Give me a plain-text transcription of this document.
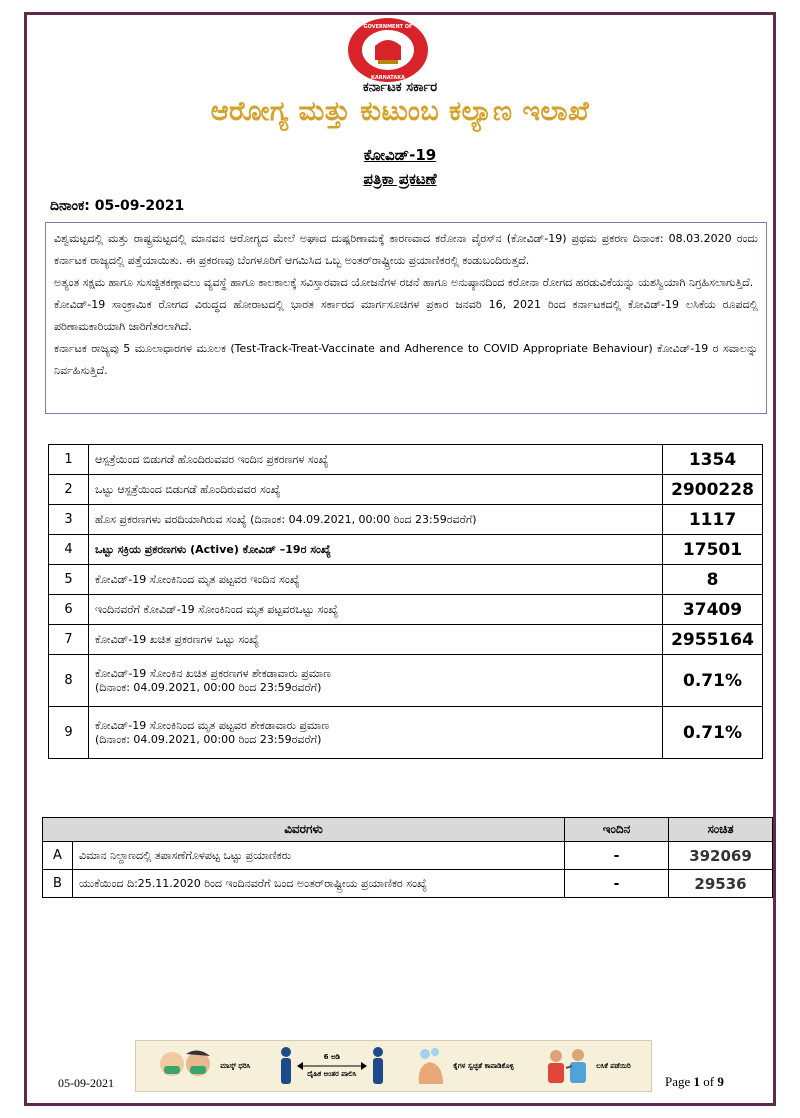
GOVERNMENT OF
KARNATAKA
ಕರ್ನಾಟಕ ಸರ್ಕಾರ
ಆರೋಗ್ಯ ಮತ್ತು ಕುಟುಂಬ ಕಲ್ಯಾಣ ಇಲಾಖೆ
ಕೋವಿಡ್-19
ಪತ್ರಿಕಾ ಪ್ರಕಟಣೆ
ದಿನಾಂಕ: 05-09-2021

ವಿಶ್ವಮಟ್ಟದಲ್ಲಿ ಮತ್ತು ರಾಷ್ಟ್ರಮಟ್ಟದಲ್ಲಿ ಮಾನವನ ಆರೋಗ್ಯದ ಮೇಲೆ ಅಘಾದ ದುಷ್ಪರಿಣಾಮಕ್ಕೆ ಕಾರಣವಾದ ಕರೋನಾ ವೈರಸ್‌ನ (ಕೋವಿಡ್-19) ಪ್ರಥಮ ಪ್ರಕರಣ ದಿನಾಂಕ: 08.03.2020 ರಂದು ಕರ್ನಾಟಕ ರಾಜ್ಯದಲ್ಲಿ ಪತ್ತೆಯಾಯಿತು. ಈ ಪ್ರಕರಣವು ಬೆಂಗಳೂರಿಗೆ ಆಗಮಿಸಿದ ಒಬ್ಬ ಅಂತರ್‌ರಾಷ್ಟ್ರೀಯ ಪ್ರಯಾಣಿಕರಲ್ಲಿ ಕಂಡುಬಂದಿರುತ್ತದೆ.

ಅತ್ಯಂತ ಸಕ್ಷಮ ಹಾಗೂ ಸುಸಜ್ಜಿತಕಣ್ಗಾವಲು ವ್ಯವಸ್ಥೆ ಹಾಗೂ ಕಾಲಕಾಲಕ್ಕೆ ಸವಿಸ್ತಾರವಾದ ಯೋಜನೆಗಳ ರಚನೆ ಹಾಗೂ ಅನುಷ್ಠಾನದಿಂದ ಕರೋನಾ ರೋಗದ ಹರಡುವಿಕೆಯನ್ನು ಯಶಸ್ವಿಯಾಗಿ ನಿಗ್ರಹಿಸಲಾಗುತ್ತಿದೆ.

ಕೋವಿಡ್-19 ಸಾಂಕ್ರಾಮಿಕ ರೋಗದ ವಿರುದ್ಧದ ಹೋರಾಟದಲ್ಲಿ ಭಾರತ ಸರ್ಕಾರದ ಮಾರ್ಗಸೂಚಿಗಳ ಪ್ರಕಾರ ಜನವರಿ 16, 2021 ರಿಂದ ಕರ್ನಾಟಕದಲ್ಲಿ ಕೋವಿಡ್-19 ಲಸಿಕೆಯ ರೂಪದಲ್ಲಿ ಪರಿಣಾಮಕಾರಿಯಾಗಿ ಜಾರಿಗೆತರಲಾಗಿದೆ.

ಕರ್ನಾಟಕ ರಾಜ್ಯವು 5 ಮೂಲಾಧಾರಗಳ ಮೂಲಕ (Test-Track-Treat-Vaccinate and Adherence to COVID Appropriate Behaviour) ಕೋವಿಡ್-19 ರ ಸವಾಲನ್ನು ನಿರ್ವಹಿಸುತ್ತಿದೆ.

1	ಆಸ್ಪತ್ರೆಯಿಂದ ಬಿಡುಗಡೆ ಹೊಂದಿರುವವರ ಇಂದಿನ ಪ್ರಕರಣಗಳ ಸಂಖ್ಯೆ	1354
2	ಒಟ್ಟು ಆಸ್ಪತ್ರೆಯಿಂದ ಬಿಡುಗಡೆ ಹೊಂದಿರುವವರ ಸಂಖ್ಯೆ	2900228
3	ಹೊಸ ಪ್ರಕರಣಗಳು ವರದಿಯಾಗಿರುವ ಸಂಖ್ಯೆ (ದಿನಾಂಕ: 04.09.2021, 00:00 ರಿಂದ 23:59ರವರೆಗೆ)	1117
4	ಒಟ್ಟು ಸಕ್ರಿಯ ಪ್ರಕರಣಗಳು (Active) ಕೋವಿಡ್ –19ರ ಸಂಖ್ಯೆ	17501
5	ಕೋವಿಡ್-19 ಸೋಂಕಿನಿಂದ ಮೃತ ಪಟ್ಟವರ ಇಂದಿನ ಸಂಖ್ಯೆ	8
6	ಇಂದಿನವರೆಗೆ ಕೋವಿಡ್-19 ಸೋಂಕಿನಿಂದ ಮೃತ ಪಟ್ಟವರಒಟ್ಟು ಸಂಖ್ಯೆ	37409
7	ಕೋವಿಡ್-19 ಖಚಿತ ಪ್ರಕರಣಗಳ ಒಟ್ಟು ಸಂಖ್ಯೆ	2955164
8	ಕೋವಿಡ್-19 ಸೋಂಕಿನ ಖಚಿತ ಪ್ರಕರಣಗಳ ಶೇಕಡಾವಾರು ಪ್ರಮಾಣ
(ದಿನಾಂಕ: 04.09.2021, 00:00 ರಿಂದ 23:59ರವರೆಗೆ)	0.71%
9	ಕೋವಿಡ್-19 ಸೋಂಕಿನಿಂದ ಮೃತ ಪಟ್ಟವರ ಶೇಕಡಾವಾರು ಪ್ರಮಾಣ
(ದಿನಾಂಕ: 04.09.2021, 00:00 ರಿಂದ 23:59ರವರೆಗೆ)	0.71%
ವಿವರಗಳು		ಇಂದಿನ	ಸಂಚಿತ
A	ವಿಮಾನ ನಿಲ್ದಾಣದಲ್ಲಿ ತಪಾಸಣೆಗೊಳಪಟ್ಟ ಒಟ್ಟು ಪ್ರಯಾಣಿಕರು	-	392069
B	ಯುಕೆಯಿಂದ ದಿ:25.11.2020 ರಿಂದ ಇಂದಿನವರೆಗೆ ಬಂದ ಅಂತರ್‌ರಾಷ್ಟ್ರೀಯ ಪ್ರಯಾಣಿಕರ ಸಂಖ್ಯೆ	-	29536
ಮಾಸ್ಕ್ ಧರಿಸಿ
6 ಅಡಿ
ದೈಹಿಕ ಅಂತರ ಪಾಲಿಸಿ
ಕೈಗಳ ಸ್ವಚ್ಛತೆ ಕಾಪಾಡಿಕೊಳ್ಳಿ	ಲಸಿಕೆ ಪಡೆಯಿರಿ
05-09-2021	Page 1 of 9
